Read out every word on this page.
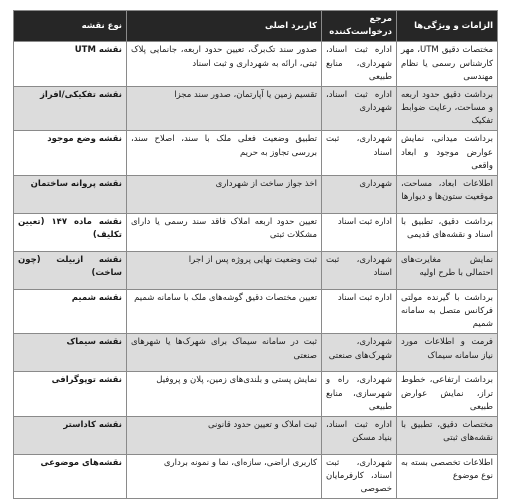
الزامات و ویژگی‌ها	مرجع درخواست‌کننده	کاربرد اصلی	نوع نقشه
مختصات دقیق UTM، مهر کارشناس رسمی یا نظام مهندسی	اداره ثبت اسناد، شهرداری، منابع طبیعی	صدور سند تک‌برگ، تعیین حدود اربعه، جانمایی پلاک ثبتی، ارائه به شهرداری و ثبت اسناد	نقشه UTM
برداشت دقیق حدود اربعه و مساحت، رعایت ضوابط تفکیک	اداره ثبت اسناد، شهرداری	تقسیم زمین یا آپارتمان، صدور سند مجزا	نقشه تفکیکی/افراز
برداشت میدانی، نمایش عوارض موجود و ابعاد واقعی	شهرداری، ثبت اسناد	تطبیق وضعیت فعلی ملک با سند، اصلاح سند، بررسی تجاوز به حریم	نقشه وضع موجود
اطلاعات ابعاد، مساحت، موقعیت ستون‌ها و دیوارها	شهرداری	اخذ جواز ساخت از شهرداری	نقشه پروانه ساختمان
برداشت دقیق، تطبیق با اسناد و نقشه‌های قدیمی	اداره ثبت اسناد	تعیین حدود اربعه املاک فاقد سند رسمی یا دارای مشکلات ثبتی	نقشه ماده ۱۴۷ (تعیین تکلیف)
نمایش مغایرت‌های احتمالی با طرح اولیه	شهرداری، ثبت اسناد	ثبت وضعیت نهایی پروژه پس از اجرا	نقشه ازبیلت (چون ساخت)
برداشت با گیرنده مولتی فرکانس متصل به سامانه شمیم	اداره ثبت اسناد	تعیین مختصات دقیق گوشه‌های ملک با سامانه شمیم	نقشه شمیم
فرمت و اطلاعات مورد نیاز سامانه سیماک	شهرداری، شهرک‌های صنعتی	ثبت در سامانه سیماک برای شهرک‌ها یا شهرهای صنعتی	نقشه سیماک
برداشت ارتفاعی، خطوط تراز، نمایش عوارض طبیعی	شهرداری، راه و شهرسازی، منابع طبیعی	نمایش پستی و بلندی‌های زمین، پلان و پروفیل	نقشه توپوگرافی
مختصات دقیق، تطبیق با نقشه‌های ثبتی	اداره ثبت اسناد، بنیاد مسکن	ثبت املاک و تعیین حدود قانونی	نقشه کاداستر
اطلاعات تخصصی بسته به نوع موضوع	شهرداری، ثبت اسناد، کارفرمایان خصوصی	کاربری اراضی، سازه‌ای، نما و نمونه برداری	نقشه‌های موضوعی
